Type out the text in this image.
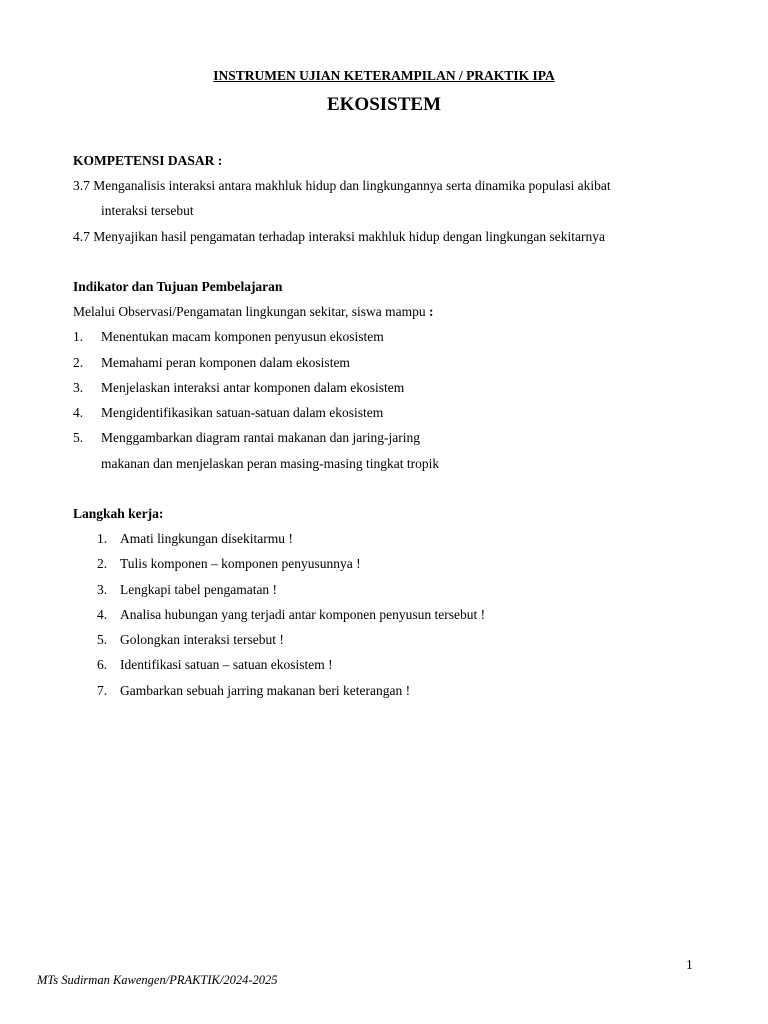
INSTRUMEN UJIAN KETERAMPILAN / PRAKTIK IPA
EKOSISTEM
KOMPETENSI DASAR :
3.7 Menganalisis interaksi antara makhluk hidup dan lingkungannya serta dinamika populasi akibat
interaksi tersebut
4.7 Menyajikan hasil pengamatan terhadap interaksi makhluk hidup dengan lingkungan sekitarnya
Indikator dan Tujuan Pembelajaran
Melalui Observasi/Pengamatan lingkungan sekitar, siswa mampu :
1.	Menentukan macam komponen penyusun ekosistem
2.	Memahami peran komponen dalam ekosistem
3.	Menjelaskan interaksi antar komponen dalam ekosistem
4.	Mengidentifikasikan satuan-satuan dalam ekosistem
5.	Menggambarkan diagram rantai makanan dan jaring-jaring
makanan dan menjelaskan peran masing-masing tingkat tropik
Langkah kerja:
1. Amati lingkungan disekitarmu !
2. Tulis komponen – komponen penyusunnya !
3. Lengkapi tabel pengamatan !
4. Analisa hubungan yang terjadi antar komponen penyusun tersebut !
5. Golongkan interaksi tersebut !
6. Identifikasi satuan – satuan ekosistem !
7. Gambarkan sebuah jarring makanan beri keterangan !
1
MTs Sudirman Kawengen/PRAKTIK/2024-2025
